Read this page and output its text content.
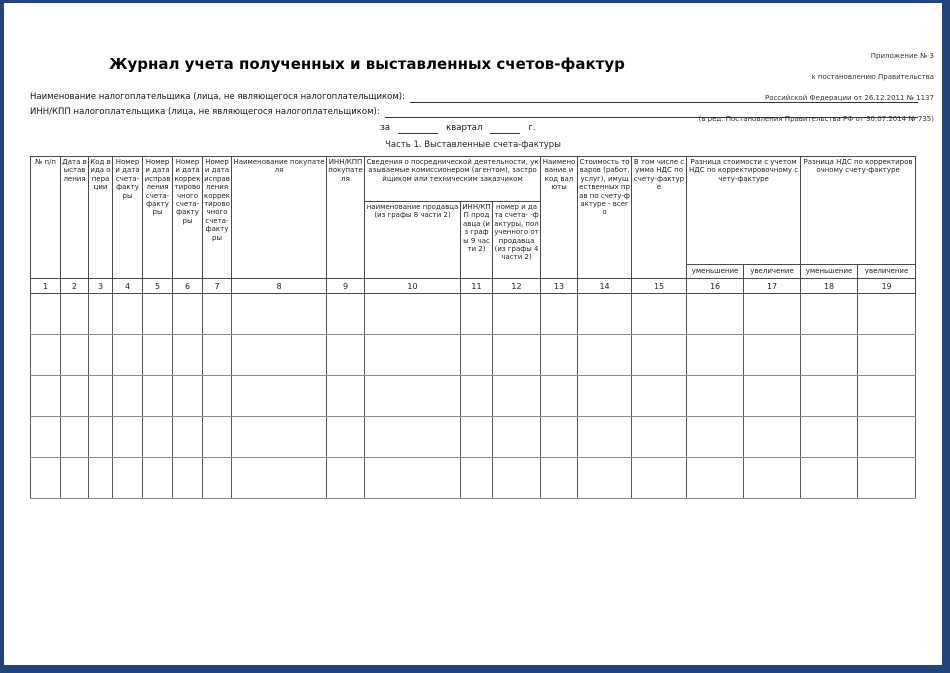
Приложение № 3

к постановлению Правительства

Российской Федерации от 26.12.2011 № 1137

(в ред. Постановления Правительства РФ от 30.07.2014 № 735)

Журнал учета полученных и выставленных счетов-фактур
Наименование налогоплательщика (лица, не являющегося налогоплательщиком):
ИНН/КПП налогоплательщика (лица, не являющегося налогоплательщиком):
за	квартал	г.
Часть 1. Выставленные счета-фактуры
№ п/п	Дата выставления	Код вида операции	Номер и дата счета-фактуры	Номер и дата исправления счета-фактуры	Номер и дата корректировочного счета-фактуры	Номер и дата исправления корректировочного счета-фактуры	Наименование покупателя	ИНН/КПП покупателя	Сведения о посреднической деятельности, указываемые комиссионером (агентом), застройщиком или техническим заказчиком			Наименование и код валюты	Стоимость товаров (работ, услуг), имущественных прав по счету-фактуре - всего	В том числе сумма НДС по счету-фактуре	Разница стоимости с учетом НДС по корректировочному счету-фактуре		Разница НДС по корректировочному счету-фактуре	
									наименование продавца (из графы 8 части 2)	ИНН/КПП продавца (из графы 9 части 2)	номер и дата счета- -фактуры, полученного от продавца (из графы 4 части 2)							
															уменьшение	увеличение	уменьшение	увеличение
1	2	3	4	5	6	7	8	9	10	11	12	13	14	15	16	17	18	19
